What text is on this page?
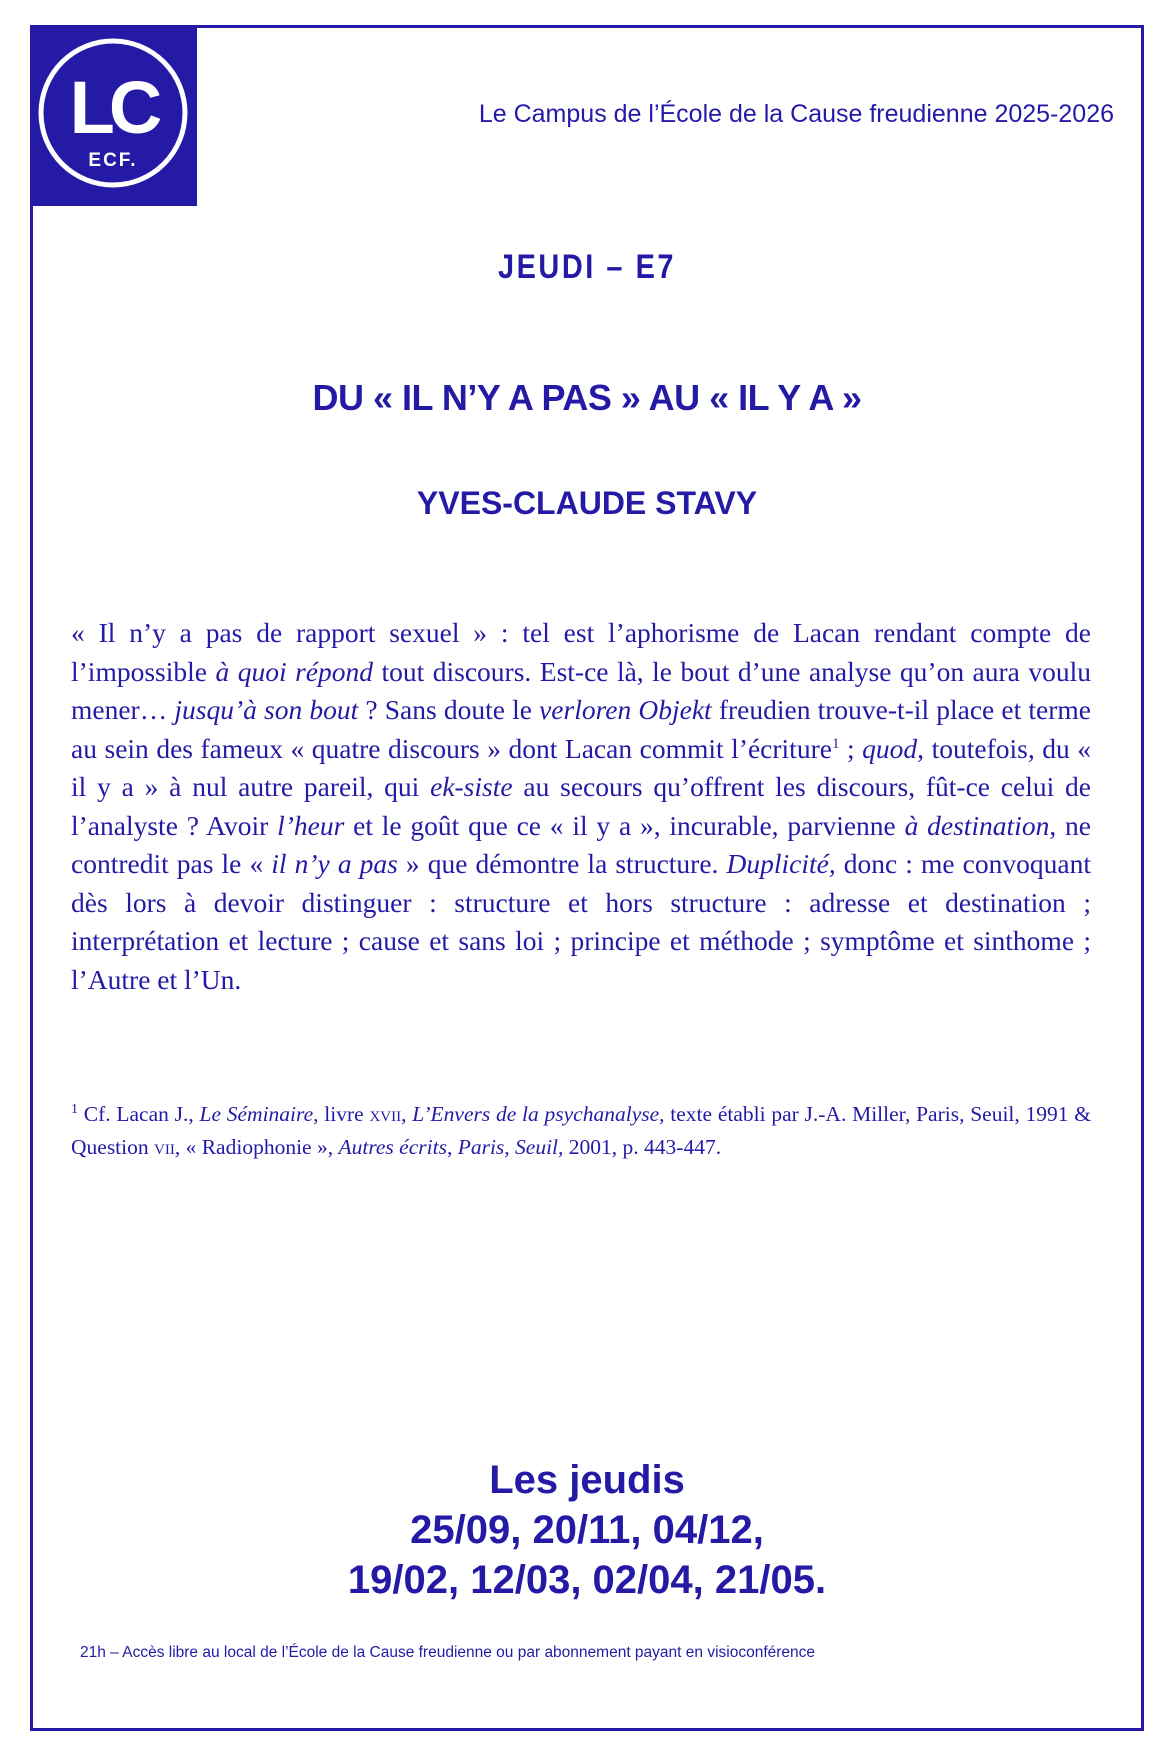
LC
ECF.
Le Campus de l’École de la Cause freudienne 2025-2026
JEUDI – E7
DU « IL N’Y A PAS » AU « IL Y A »
YVES-CLAUDE STAVY

« Il n’y a pas de rapport sexuel » : tel est l’aphorisme de Lacan rendant compte de l’impossible à quoi répond tout discours. Est-ce là, le bout d’une analyse qu’on aura voulu mener… jusqu’à son bout ? Sans doute le verloren Objekt freudien trouve-t-il place et terme au sein des fameux « quatre discours » dont Lacan commit l’écriture$^1$ ; quod, toutefois, du « il y a » à nul autre pareil, qui ek-siste au secours qu’offrent les discours, fût-ce celui de l’analyste ? Avoir l’heur et le goût que ce « il y a », incurable, parvienne à destination, ne contredit pas le « il n’y a pas » que démontre la structure. Duplicité, donc : me convoquant dès lors à devoir distinguer : structure et hors structure : adresse et destination ; interprétation et lecture ; cause et sans loi ; principe et méthode ; symptôme et sinthome ; l’Autre et l’Un.

$^1$ Cf. Lacan J., Le Séminaire, livre xvii, L’Envers de la psychanalyse, texte établi par J.-A. Miller, Paris, Seuil, 1991 & Question vii, « Radiophonie », Autres écrits, Paris, Seuil, 2001, p. 443-447.
Les jeudis
25/09, 20/11, 04/12,
19/02, 12/03, 02/04, 21/05.
21h – Accès libre au local de l’École de la Cause freudienne ou par abonnement payant en visioconférence
